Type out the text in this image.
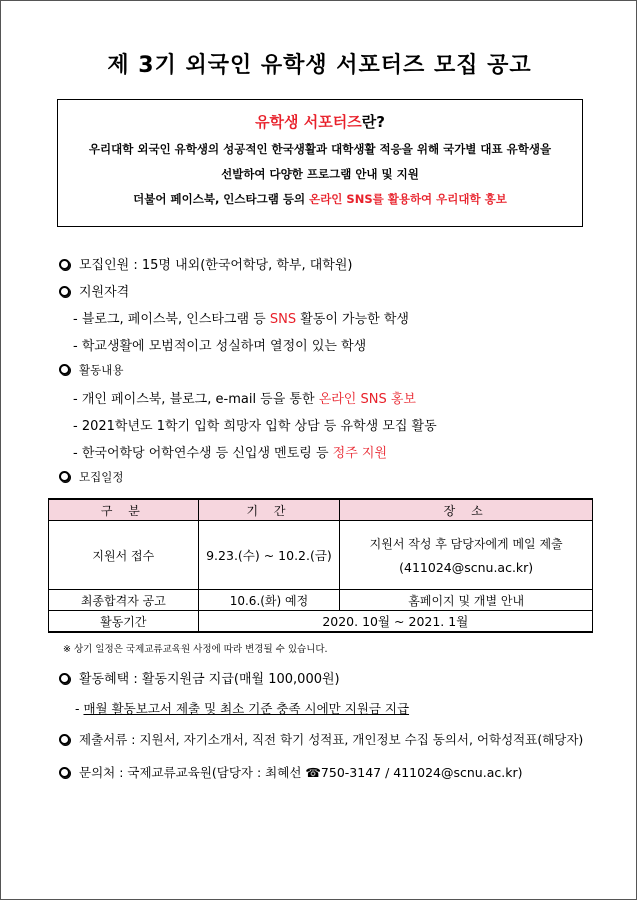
제 3기 외국인 유학생 서포터즈 모집 공고
유학생 서포터즈란?
우리대학 외국인 유학생의 성공적인 한국생활과 대학생활 적응을 위해 국가별 대표 유학생을
선발하여 다양한 프로그램 안내 및 지원
더불어 페이스북, 인스타그램 등의 온라인 SNS를 활용하여 우리대학 홍보
모집인원 : 15명 내외(한국어학당, 학부, 대학원)
지원자격
- 블로그, 페이스북, 인스타그램 등 SNS 활동이 가능한 학생
- 학교생활에 모범적이고 성실하며 열정이 있는 학생
활동내용
- 개인 페이스북, 블로그, e-mail 등을 통한 온라인 SNS 홍보
- 2021학년도 1학기 입학 희망자 입학 상담 등 유학생 모집 활동
- 한국어학당 어학연수생 등 신입생 멘토링 등 정주 지원
모집일정
구 분	기 간	장 소
지원서 접수	9.23.(수) ~ 10.2.(금)	지원서 작성 후 담당자에게 메일 제출
(411024@scnu.ac.kr)

최종합격자 공고	10.6.(화) 예정	홈페이지 및 개별 안내
활동기간	2020. 10월 ~ 2021. 1월	
※ 상기 일정은 국제교류교육원 사정에 따라 변경될 수 있습니다.
활동혜택 : 활동지원금 지급(매월 100,000원)
- 매월 활동보고서 제출 및 최소 기준 충족 시에만 지원금 지급
제출서류 : 지원서, 자기소개서, 직전 학기 성적표, 개인정보 수집 동의서, 어학성적표(해당자)
문의처 : 국제교류교육원(담당자 : 최혜선 ☎750-3147 / 411024@scnu.ac.kr)
